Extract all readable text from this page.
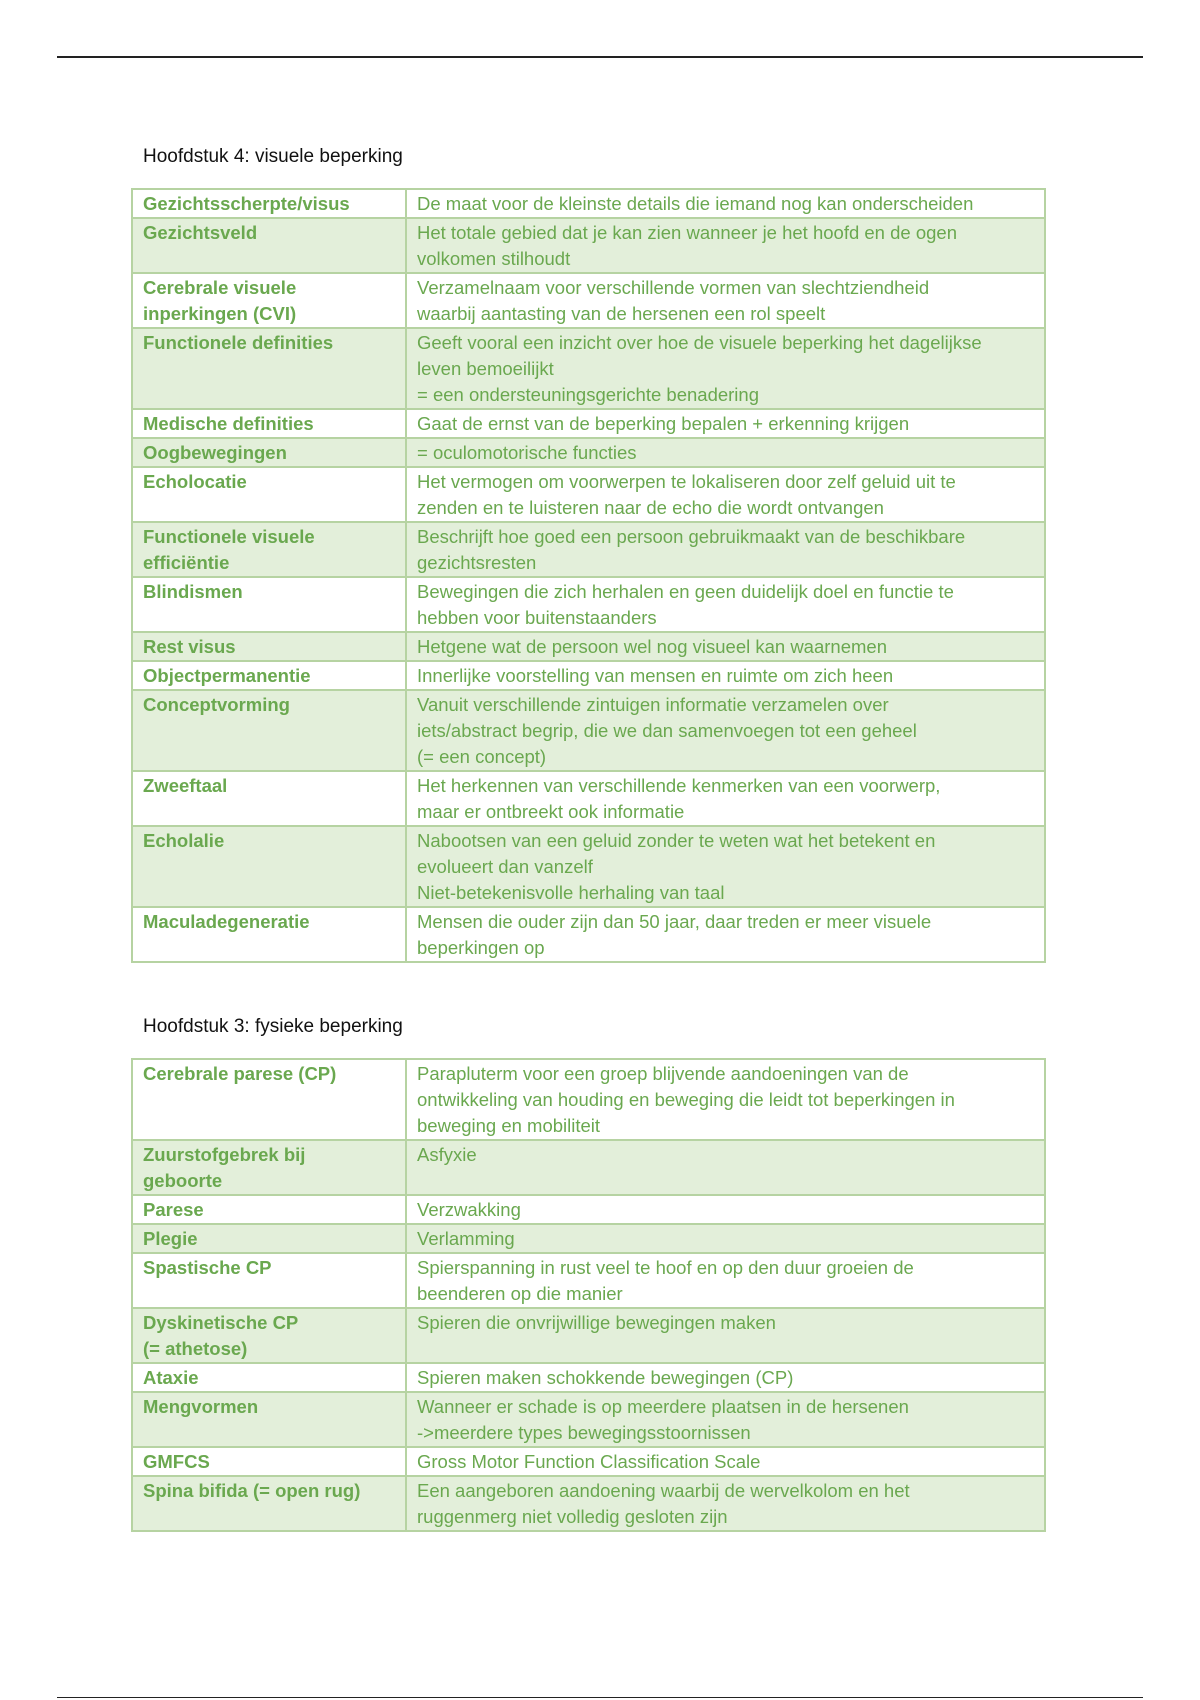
Hoofdstuk 4: visuele beperking
Gezichtsscherpte/visus	De maat voor de kleinste details die iemand nog kan onderscheiden

Gezichtsveld	Het totale gebied dat je kan zien wanneer je het hoofd en de ogen
volkomen stilhoudt

Cerebrale visuele
inperkingen (CVI)	Verzamelnaam voor verschillende vormen van slechtziendheid
waarbij aantasting van de hersenen een rol speelt

Functionele definities	Geeft vooral een inzicht over hoe de visuele beperking het dagelijkse
leven bemoeilijkt
= een ondersteuningsgerichte benadering

Medische definities	Gaat de ernst van de beperking bepalen + erkenning krijgen

Oogbewegingen	= oculomotorische functies

Echolocatie	Het vermogen om voorwerpen te lokaliseren door zelf geluid uit te
zenden en te luisteren naar de echo die wordt ontvangen

Functionele visuele
efficiëntie	Beschrijft hoe goed een persoon gebruikmaakt van de beschikbare
gezichtsresten

Blindismen	Bewegingen die zich herhalen en geen duidelijk doel en functie te
hebben voor buitenstaanders

Rest visus	Hetgene wat de persoon wel nog visueel kan waarnemen

Objectpermanentie	Innerlijke voorstelling van mensen en ruimte om zich heen

Conceptvorming	Vanuit verschillende zintuigen informatie verzamelen over
iets/abstract begrip, die we dan samenvoegen tot een geheel
(= een concept)

Zweeftaal	Het herkennen van verschillende kenmerken van een voorwerp,
maar er ontbreekt ook informatie

Echolalie	Nabootsen van een geluid zonder te weten wat het betekent en
evolueert dan vanzelf
Niet-betekenisvolle herhaling van taal

Maculadegeneratie	Mensen die ouder zijn dan 50 jaar, daar treden er meer visuele
beperkingen op
Hoofdstuk 3: fysieke beperking
Cerebrale parese (CP)	Parapluterm voor een groep blijvende aandoeningen van de
ontwikkeling van houding en beweging die leidt tot beperkingen in
beweging en mobiliteit

Zuurstofgebrek bij
geboorte	Asfyxie

Parese	Verzwakking

Plegie	Verlamming

Spastische CP	Spierspanning in rust veel te hoof en op den duur groeien de
beenderen op die manier

Dyskinetische CP
(= athetose)	Spieren die onvrijwillige bewegingen maken

Ataxie	Spieren maken schokkende bewegingen (CP)

Mengvormen	Wanneer er schade is op meerdere plaatsen in de hersenen
->meerdere types bewegingsstoornissen

GMFCS	Gross Motor Function Classification Scale

Spina bifida (= open rug)	Een aangeboren aandoening waarbij de wervelkolom en het
ruggenmerg niet volledig gesloten zijn
